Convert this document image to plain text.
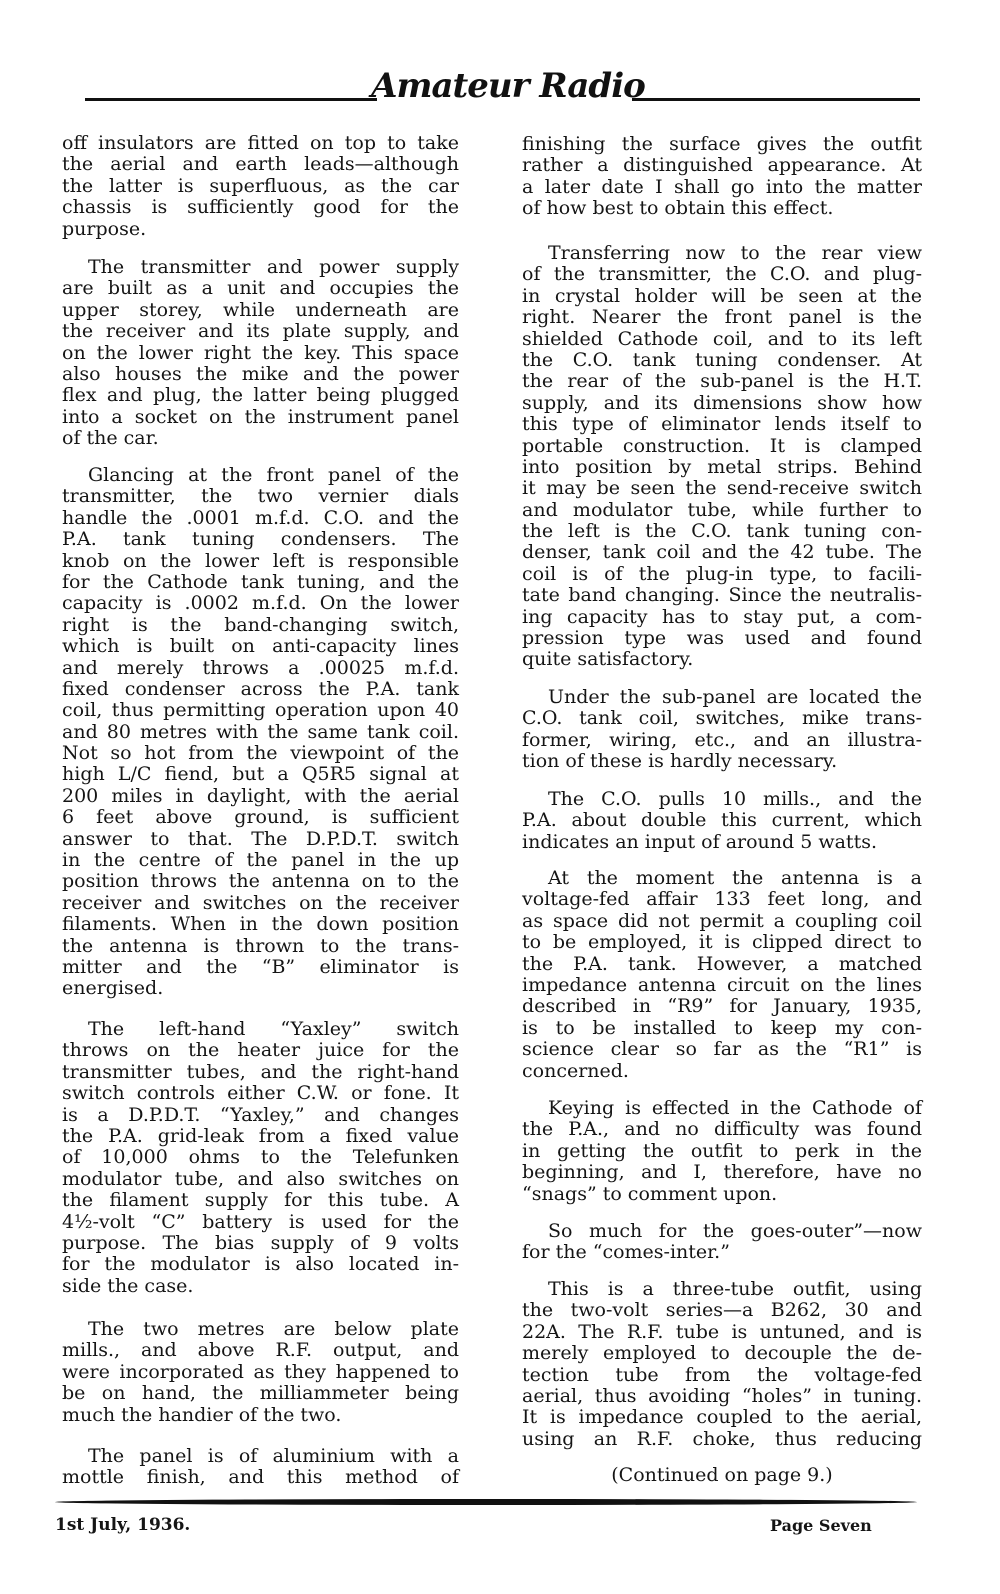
Amateur Radio
off insulators are fitted on top to take
the aerial and earth leads—although
the latter is superfluous, as the car
chassis is sufficiently good for the
purpose.
The transmitter and power supply
are built as a unit and occupies the
upper storey, while underneath are
the receiver and its plate supply, and
on the lower right the key. This space
also houses the mike and the power
flex and plug, the latter being plugged
into a socket on the instrument panel
of the car.
Glancing at the front panel of the
transmitter, the two vernier dials
handle the .0001 m.f.d. C.O. and the
P.A. tank tuning condensers. The
knob on the lower left is responsible
for the Cathode tank tuning, and the
capacity is .0002 m.f.d. On the lower
right is the band-changing switch,
which is built on anti-capacity lines
and merely throws a .00025 m.f.d.
fixed condenser across the P.A. tank
coil, thus permitting operation upon 40
and 80 metres with the same tank coil.
Not so hot from the viewpoint of the
high L/C fiend, but a Q5R5 signal at
200 miles in daylight, with the aerial
6 feet above ground, is sufficient
answer to that. The D.P.D.T. switch
in the centre of the panel in the up
position throws the antenna on to the
receiver and switches on the receiver
filaments. When in the down position
the antenna is thrown to the trans-
mitter and the “B” eliminator is
energised.
The left-hand “Yaxley” switch
throws on the heater juice for the
transmitter tubes, and the right-hand
switch controls either C.W. or fone. It
is a D.P.D.T. “Yaxley,” and changes
the P.A. grid-leak from a fixed value
of 10,000 ohms to the Telefunken
modulator tube, and also switches on
the filament supply for this tube. A
4½-volt “C” battery is used for the
purpose. The bias supply of 9 volts
for the modulator is also located in-
side the case.
The two metres are below plate
mills., and above R.F. output, and
were incorporated as they happened to
be on hand, the milliammeter being
much the handier of the two.
The panel is of aluminium with a
mottle finish, and this method of	(Continued on page 9.)
finishing the surface gives the outfit
rather a distinguished appearance. At
a later date I shall go into the matter
of how best to obtain this effect.
Transferring now to the rear view
of the transmitter, the C.O. and plug-
in crystal holder will be seen at the
right. Nearer the front panel is the
shielded Cathode coil, and to its left
the C.O. tank tuning condenser. At
the rear of the sub-panel is the H.T.
supply, and its dimensions show how
this type of eliminator lends itself to
portable construction. It is clamped
into position by metal strips. Behind
it may be seen the send-receive switch
and modulator tube, while further to
the left is the C.O. tank tuning con-
denser, tank coil and the 42 tube. The
coil is of the plug-in type, to facili-
tate band changing. Since the neutralis-
ing capacity has to stay put, a com-
pression type was used and found
quite satisfactory.
Under the sub-panel are located the
C.O. tank coil, switches, mike trans-
former, wiring, etc., and an illustra-
tion of these is hardly necessary.
The C.O. pulls 10 mills., and the
P.A. about double this current, which
indicates an input of around 5 watts.
At the moment the antenna is a
voltage-fed affair 133 feet long, and
as space did not permit a coupling coil
to be employed, it is clipped direct to
the P.A. tank. However, a matched
impedance antenna circuit on the lines
described in “R9” for January, 1935,
is to be installed to keep my con-
science clear so far as the “R1” is
concerned.
Keying is effected in the Cathode of
the P.A., and no difficulty was found
in getting the outfit to perk in the
beginning, and I, therefore, have no
“snags” to comment upon.
So much for the goes-outer”—now
for the “comes-inter.”
This is a three-tube outfit, using
the two-volt series—a B262, 30 and
22A. The R.F. tube is untuned, and is
merely employed to decouple the de-
tection tube from the voltage-fed
aerial, thus avoiding “holes” in tuning.
It is impedance coupled to the aerial,
using an R.F. choke, thus reducing
1st July, 1936.	Page Seven
